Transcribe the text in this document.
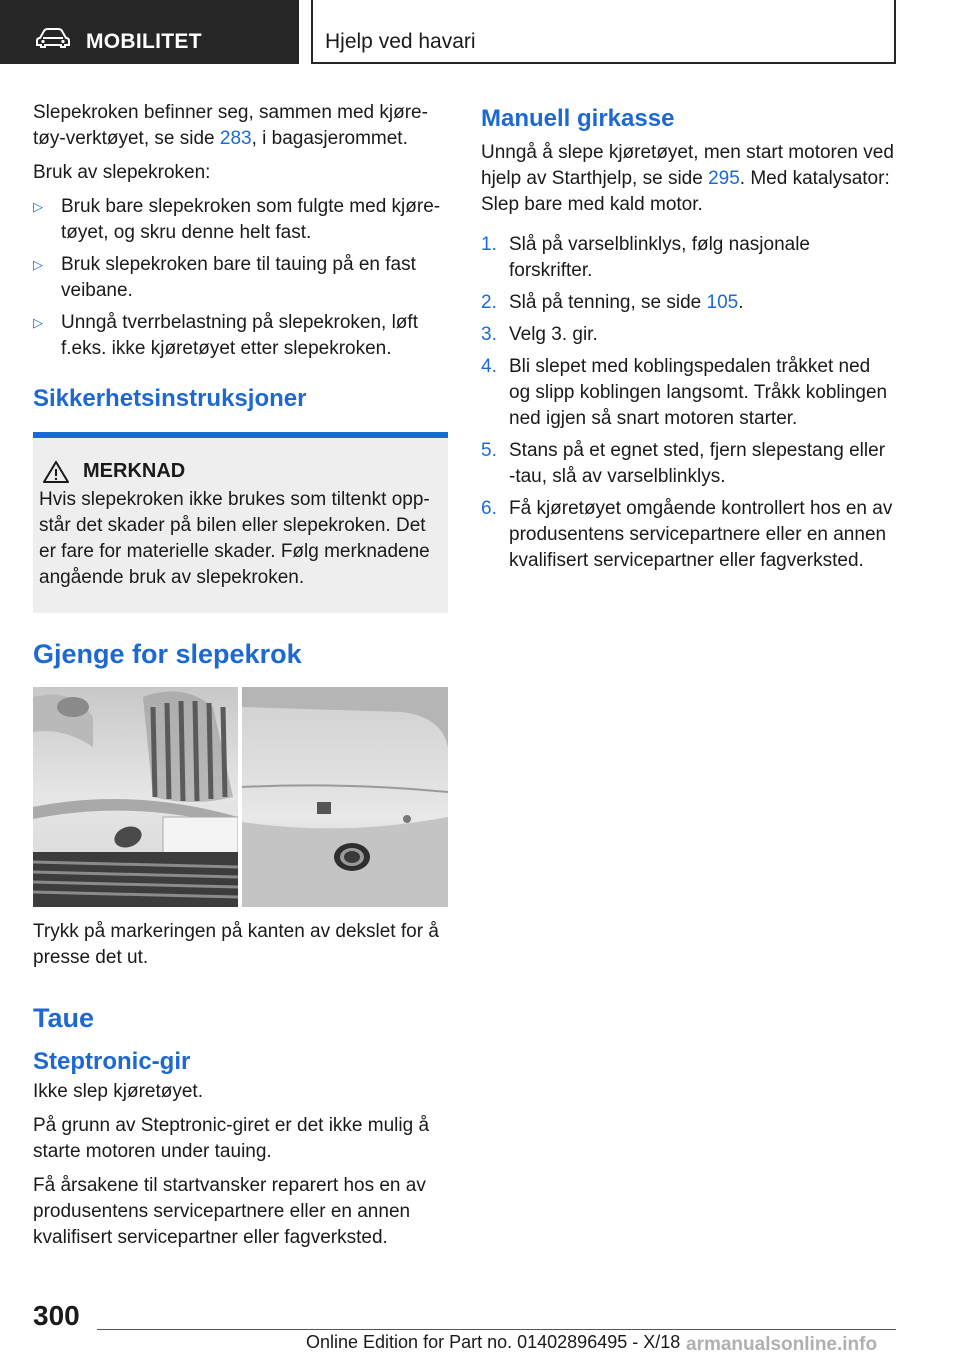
MOBILITET	Hjelp ved havari

Slepekroken befinner seg, sammen med kjøre-tøy-verktøyet, se side 283, i bagasjerommet.

Bruk av slepekroken:

▷ Bruk bare slepekroken som fulgte med kjøre-tøyet, og skru denne helt fast.
▷ Bruk slepekroken bare til tauing på en fast veibane.
▷ Unngå tverrbelastning på slepekroken, løft f.eks. ikke kjøretøyet etter slepekroken.
Sikkerhetsinstruksjoner
MERKNAD
Hvis slepekroken ikke brukes som tiltenkt opp-står det skader på bilen eller slepekroken. Det er fare for materielle skader. Følg merknadene angående bruk av slepekroken.
Gjenge for slepekrok

Trykk på markeringen på kanten av dekslet for å presse det ut.

Taue
Steptronic-gir

Ikke slep kjøretøyet.

På grunn av Steptronic-giret er det ikke mulig å starte motoren under tauing.

Få årsakene til startvansker reparert hos en av produsentens servicepartnere eller en annen kvalifisert servicepartner eller fagverksted.

Manuell girkasse

Unngå å slepe kjøretøyet, men start motoren ved hjelp av Starthjelp, se side 295. Med katalysator: Slep bare med kald motor.

1. Slå på varselblinklys, følg nasjonale forskrifter.
2. Slå på tenning, se side 105.
3. Velg 3. gir.
4. Bli slepet med koblingspedalen tråkket ned og slipp koblingen langsomt. Tråkk koblingen ned igjen så snart motoren starter.
5. Stans på et egnet sted, fjern slepestang eller -tau, slå av varselblinklys.
6. Få kjøretøyet omgående kontrollert hos en av produsentens servicepartnere eller en annen kvalifisert servicepartner eller fagverksted.
300
Online Edition for Part no. 01402896495 - X/18 armanualsonline.info
